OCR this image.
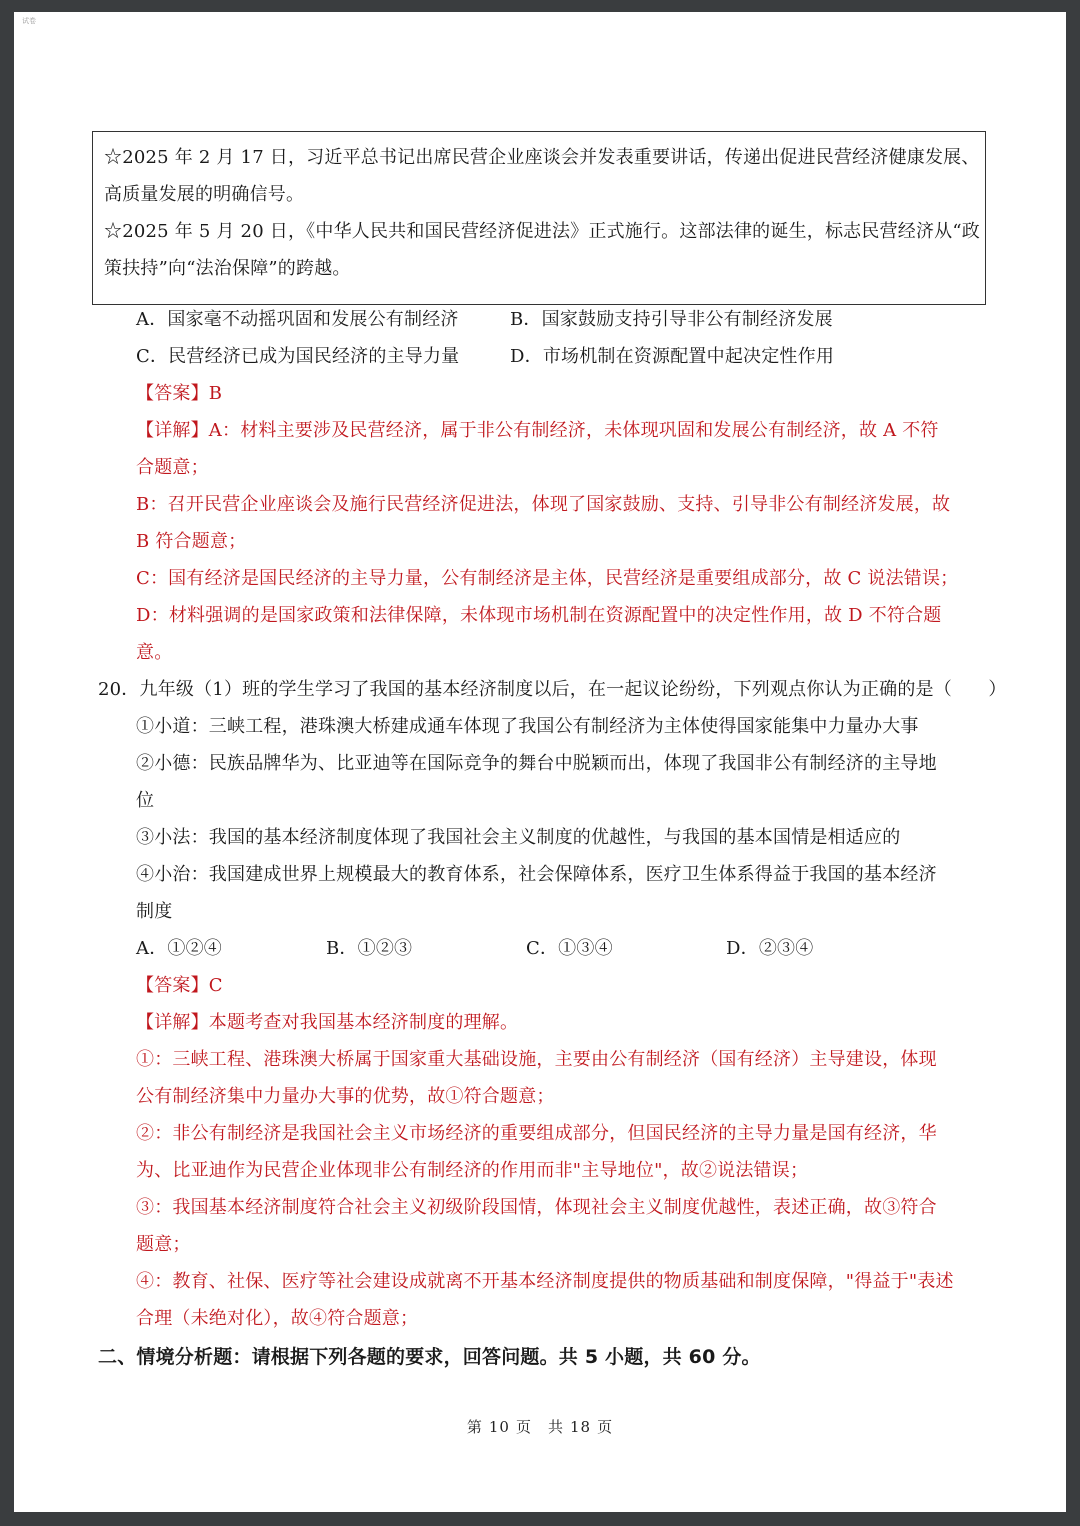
试卷
☆2025 年 2 月 17 日，习近平总书记出席民营企业座谈会并发表重要讲话，传递出促进民营经济健康发展、
高质量发展的明确信号。
☆2025 年 5 月 20 日，《中华人民共和国民营经济促进法》正式施行。这部法律的诞生，标志民营经济从“政
策扶持”向“法治保障”的跨越。
A．国家毫不动摇巩固和发展公有制经济	B．国家鼓励支持引导非公有制经济发展
C．民营经济已成为国民经济的主导力量	D．市场机制在资源配置中起决定性作用
【答案】B
【详解】A：材料主要涉及民营经济，属于非公有制经济，未体现巩固和发展公有制经济，故 A 不符
合题意；
B：召开民营企业座谈会及施行民营经济促进法，体现了国家鼓励、支持、引导非公有制经济发展，故
B 符合题意；
C：国有经济是国民经济的主导力量，公有制经济是主体，民营经济是重要组成部分，故 C 说法错误；
D：材料强调的是国家政策和法律保障，未体现市场机制在资源配置中的决定性作用，故 D 不符合题
意。
20．九年级（1）班的学生学习了我国的基本经济制度以后，在一起议论纷纷，下列观点你认为正确的是（　　）
①小道：三峡工程，港珠澳大桥建成通车体现了我国公有制经济为主体使得国家能集中力量办大事
②小德：民族品牌华为、比亚迪等在国际竞争的舞台中脱颖而出，体现了我国非公有制经济的主导地
位
③小法：我国的基本经济制度体现了我国社会主义制度的优越性，与我国的基本国情是相适应的
④小治：我国建成世界上规模最大的教育体系，社会保障体系，医疗卫生体系得益于我国的基本经济
制度
A．①②④	B．①②③	C．①③④	D．②③④
【答案】C
【详解】本题考查对我国基本经济制度的理解。
①：三峡工程、港珠澳大桥属于国家重大基础设施，主要由公有制经济（国有经济）主导建设，体现
公有制经济集中力量办大事的优势，故①符合题意；
②：非公有制经济是我国社会主义市场经济的重要组成部分，但国民经济的主导力量是国有经济，华
为、比亚迪作为民营企业体现非公有制经济的作用而非"主导地位"，故②说法错误；
③：我国基本经济制度符合社会主义初级阶段国情，体现社会主义制度优越性，表述正确，故③符合
题意；
④：教育、社保、医疗等社会建设成就离不开基本经济制度提供的物质基础和制度保障，"得益于"表述
合理（未绝对化），故④符合题意；
二、情境分析题：请根据下列各题的要求，回答问题。共 5 小题，共 60 分。
第 10 页　共 18 页
